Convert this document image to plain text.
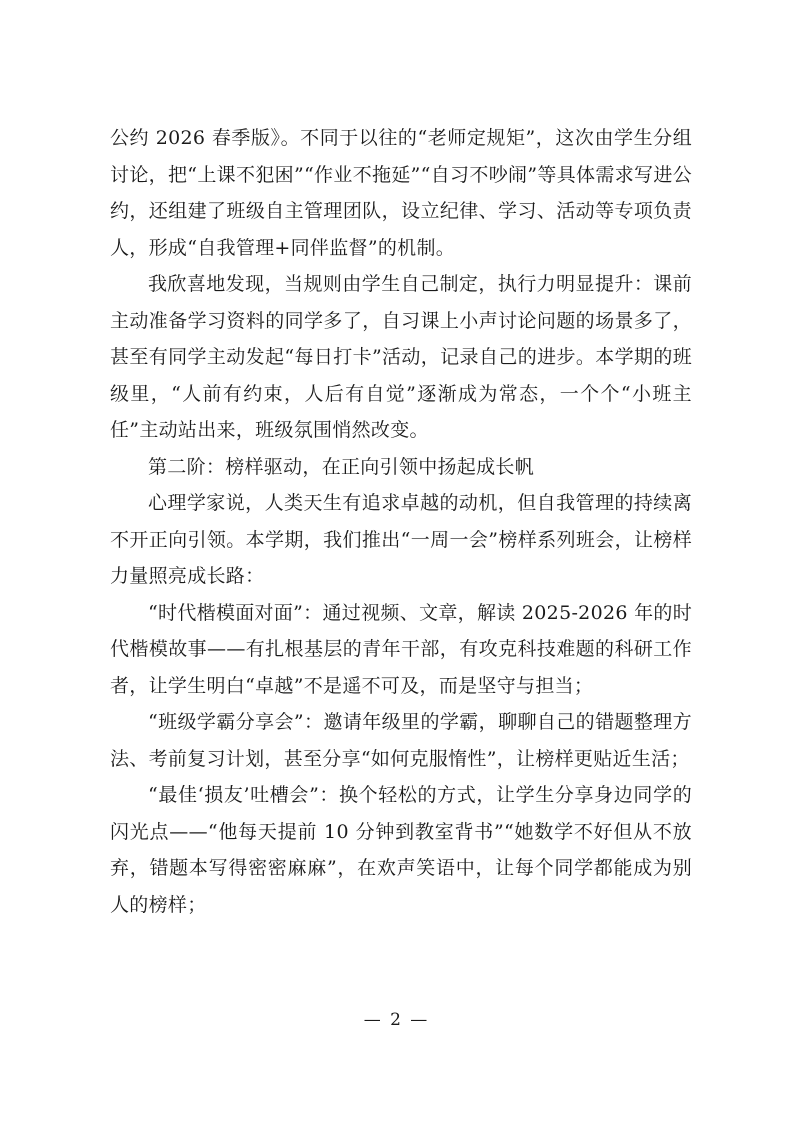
公约 2026 春季版》。不同于以往的“老师定规矩”，这次由学生分组讨论，把“上课不犯困”“作业不拖延”“自习不吵闹”等具体需求写进公约，还组建了班级自主管理团队，设立纪律、学习、活动等专项负责人，形成“自我管理+同伴监督”的机制。

我欣喜地发现，当规则由学生自己制定，执行力明显提升：课前主动准备学习资料的同学多了，自习课上小声讨论问题的场景多了，甚至有同学主动发起“每日打卡”活动，记录自己的进步。本学期的班级里，“人前有约束，人后有自觉”逐渐成为常态，一个个“小班主任”主动站出来，班级氛围悄然改变。

第二阶：榜样驱动，在正向引领中扬起成长帆

心理学家说，人类天生有追求卓越的动机，但自我管理的持续离不开正向引领。本学期，我们推出“一周一会”榜样系列班会，让榜样力量照亮成长路：

“时代楷模面对面”：通过视频、文章，解读 2025-2026 年的时代楷模故事——有扎根基层的青年干部，有攻克科技难题的科研工作者，让学生明白“卓越”不是遥不可及，而是坚守与担当；

“班级学霸分享会”：邀请年级里的学霸，聊聊自己的错题整理方法、考前复习计划，甚至分享“如何克服惰性”，让榜样更贴近生活；

“最佳‘损友’吐槽会”：换个轻松的方式，让学生分享身边同学的闪光点——“他每天提前 10 分钟到教室背书”“她数学不好但从不放弃，错题本写得密密麻麻”，在欢声笑语中，让每个同学都能成为别人的榜样；

— 2 —
